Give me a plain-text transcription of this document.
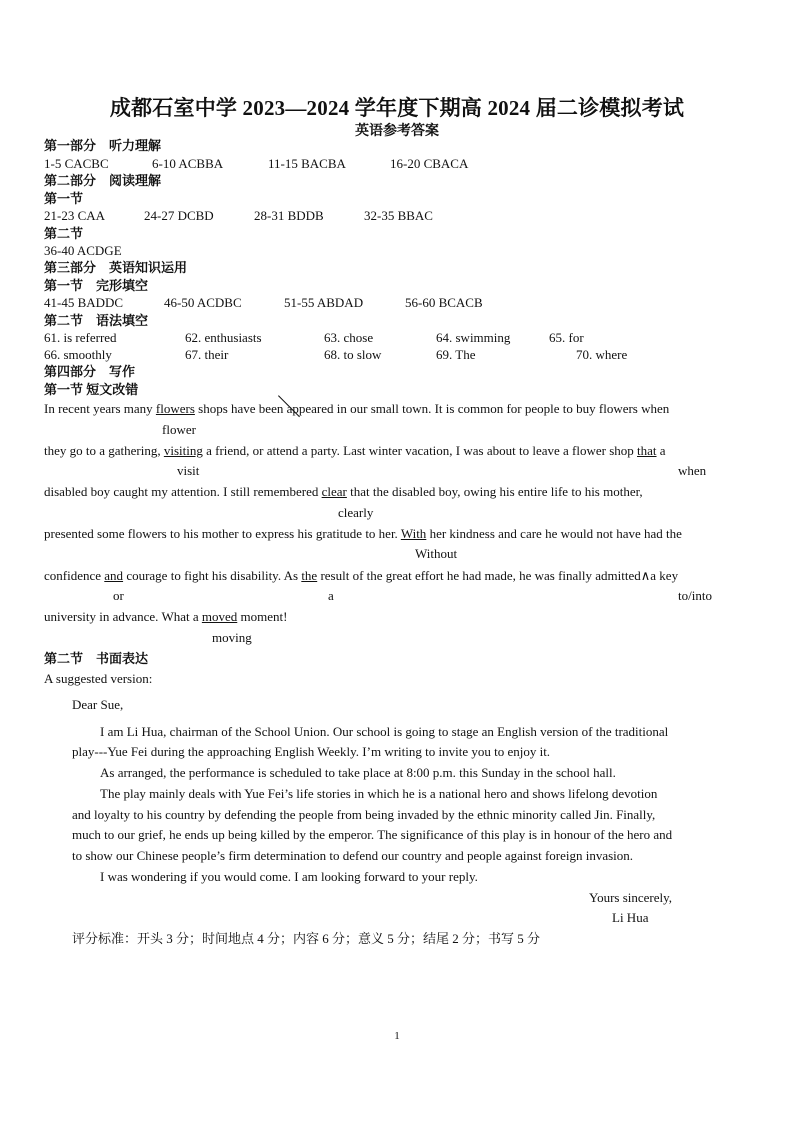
成都石室中学 2023—2024 学年度下期高 2024 届二诊模拟考试
英语参考答案
第一部分　听力理解
1-5 CACBC	6-10 ACBBA	11-15 BACBA	16-20 CBACA
第二部分　阅读理解
第一节
21-23 CAA	24-27 DCBD	28-31 BDDB	32-35 BBAC
第二节
36-40 ACDGE
第三部分　英语知识运用
第一节　完形填空
41-45 BADDC	46-50 ACDBC	51-55 ABDAD	56-60 BCACB
第二节　语法填空
61. is referred	62. enthusiasts	63. chose	64. swimming	65. for
66. smoothly	67. their	68. to slow	69. The	70. where
第四部分　写作
第一节 短文改错
In recent years many flowers shops have been appeared in our small town. It is common for people to buy flowers when
flower
they go to a gathering, visiting a friend, or attend a party. Last winter vacation, I was about to leave a flower shop that a
visit	when
disabled boy caught my attention. I still remembered clear that the disabled boy, owing his entire life to his mother,
clearly
presented some flowers to his mother to express his gratitude to her. With her kindness and care he would not have had the
Without
confidence and courage to fight his disability. As the result of the great effort he had made, he was finally admitted∧a key
or	a	to/into
university in advance. What a moved moment!
moving
第二节　书面表达
A suggested version:
Dear Sue,
I am Li Hua, chairman of the School Union. Our school is going to stage an English version of the traditional
play---Yue Fei during the approaching English Weekly. I’m writing to invite you to enjoy it.
As arranged, the performance is scheduled to take place at 8:00 p.m. this Sunday in the school hall.
The play mainly deals with Yue Fei’s life stories in which he is a national hero and shows lifelong devotion
and loyalty to his country by defending the people from being invaded by the ethnic minority called Jin. Finally,
much to our grief, he ends up being killed by the emperor. The significance of this play is in honour of the hero and
to show our Chinese people’s firm determination to defend our country and people against foreign invasion.
I was wondering if you would come. I am looking forward to your reply.
Yours sincerely,
Li Hua
评分标准：开头 3 分；时间地点 4 分；内容 6 分；意义 5 分；结尾 2 分；书写 5 分
1
